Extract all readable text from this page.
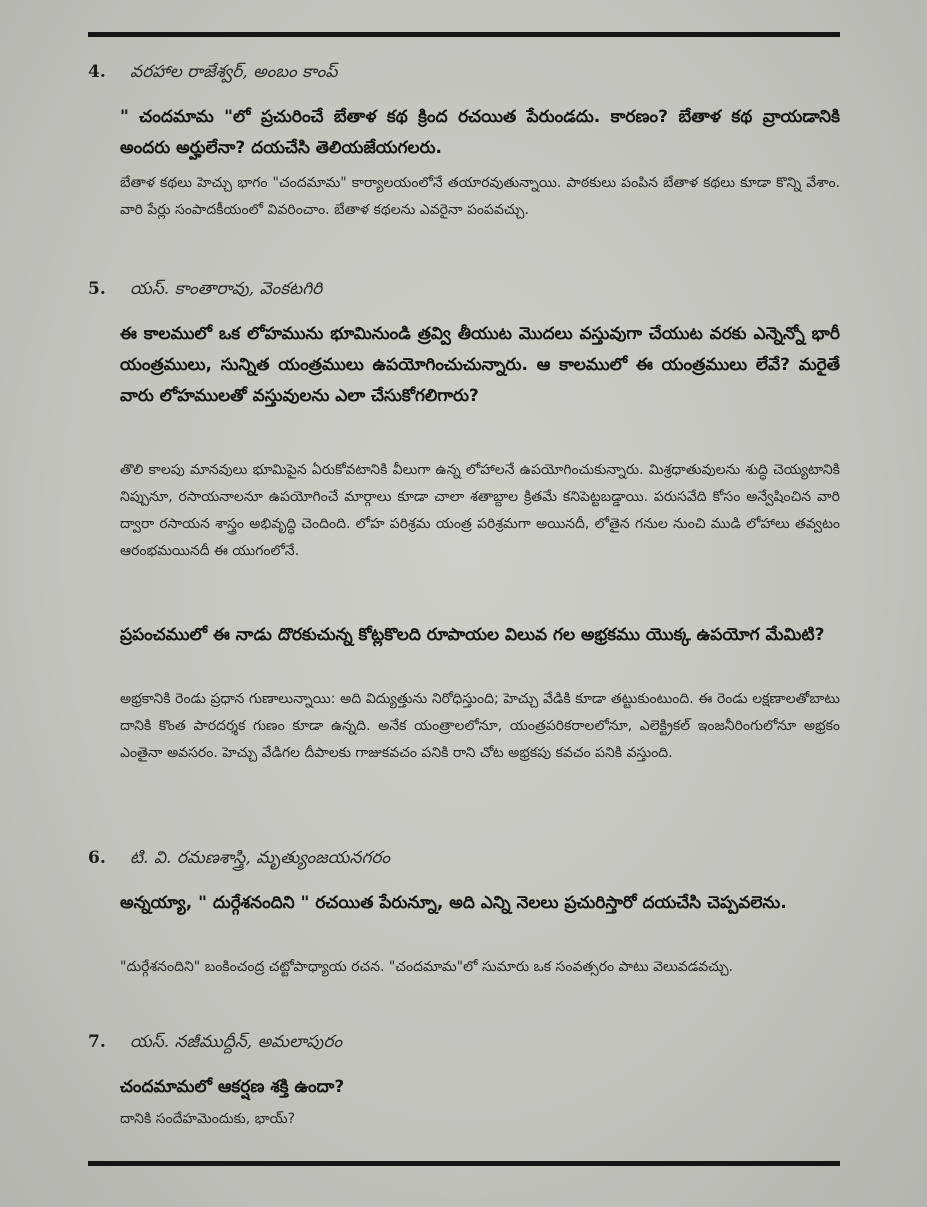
4. వరహాల రాజేశ్వర్, అంబం కాంప్
" చందమామ "లో ప్రచురించే బేతాళ కథ క్రింద రచయిత పేరుండదు. కారణం? బేతాళ కథ వ్రాయడానికి అందరు అర్హులేనా? దయచేసి తెలియజేయగలరు.
బేతాళ కథలు హెచ్చు భాగం "చందమామ" కార్యాలయంలోనే తయారవుతున్నాయి. పాఠకులు పంపిన బేతాళ కథలు కూడా కొన్ని వేశాం. వారి పేర్లు సంపాదకీయంలో వివరించాం. బేతాళ కథలను ఎవరైనా పంపవచ్చు.
5. యస్. కాంతారావు, వెంకటగిరి
ఈ కాలములో ఒక లోహమును భూమినుండి త్రవ్వి తీయుట మొదలు వస్తువుగా చేయుట వరకు ఎన్నెన్నో భారీ యంత్రములు, సున్నిత యంత్రములు ఉపయోగించుచున్నారు. ఆ కాలములో ఈ యంత్రములు లేవే? మరైతే వారు లోహములతో వస్తువులను ఎలా చేసుకోగలిగారు?
తొలి కాలపు మానవులు భూమిపైన ఏరుకోవటానికి వీలుగా ఉన్న లోహాలనే ఉపయోగించుకున్నారు. మిశ్రధాతువులను శుద్ధి చెయ్యటానికి నిప్పునూ, రసాయనాలనూ ఉపయోగించే మార్గాలు కూడా చాలా శతాబ్దాల క్రితమే కనిపెట్టబడ్డాయి. పరుసవేది కోసం అన్వేషించిన వారి ద్వారా రసాయన శాస్త్రం అభివృద్ధి చెందింది. లోహ పరిశ్రమ యంత్ర పరిశ్రమగా అయినదీ, లోతైన గనుల నుంచి ముడి లోహాలు తవ్వటం ఆరంభమయినదీ ఈ యుగంలోనే.
ప్రపంచములో ఈ నాడు దొరకుచున్న కోట్లకొలది రూపాయల విలువ గల అభ్రకము యొక్క ఉపయోగ మేమిటి?
అభ్రకానికి రెండు ప్రధాన గుణాలున్నాయి: అది విద్యుత్తును నిరోధిస్తుంది; హెచ్చు వేడికి కూడా తట్టుకుంటుంది. ఈ రెండు లక్షణాలతోబాటు దానికి కొంత పారదర్శక గుణం కూడా ఉన్నది. అనేక యంత్రాలలోనూ, యంత్రపరికరాలలోనూ, ఎలెక్ట్రికల్ ఇంజనీరింగులోనూ అభ్రకం ఎంతైనా అవసరం. హెచ్చు వేడిగల దీపాలకు గాజుకవచం పనికి రాని చోట అభ్రకపు కవచం పనికి వస్తుంది.
6. టి. వి. రమణశాస్త్రి, మృత్యుంజయనగరం
అన్నయ్యా, " దుర్గేశనందిని " రచయిత పేరున్నూ, అది ఎన్ని నెలలు ప్రచురిస్తారో దయచేసి చెప్పవలెను.
"దుర్గేశనందిని" బంకించంద్ర చట్టోపాధ్యాయ రచన. "చందమామ"లో సుమారు ఒక సంవత్సరం పాటు వెలువడవచ్చు.
7. యస్. నజీముద్దీన్, అమలాపురం
చందమామలో ఆకర్షణ శక్తి ఉందా?
దానికి సందేహమెందుకు, భాయ్?
